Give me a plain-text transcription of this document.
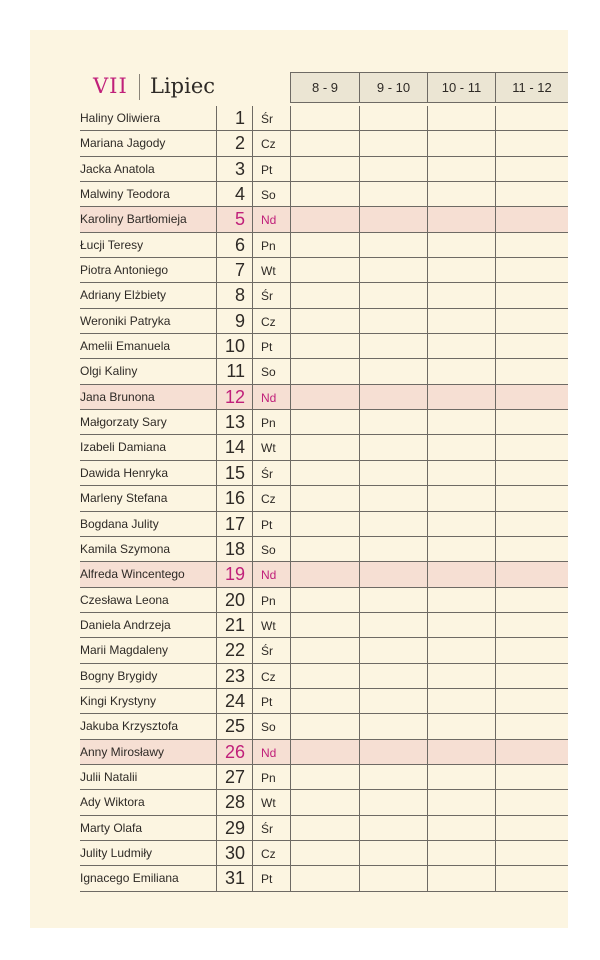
VII Lipiec	8 - 9	9 - 10	10 - 11	11 - 12
Haliny Oliwiera	1	Śr
Mariana Jagody	2	Cz
Jacka Anatola	3	Pt
Malwiny Teodora	4	So
Karoliny Bartłomieja	5	Nd
Łucji Teresy	6	Pn
Piotra Antoniego	7	Wt
Adriany Elżbiety	8	Śr
Weroniki Patryka	9	Cz
Amelii Emanuela	10	Pt
Olgi Kaliny	11	So
Jana Brunona	12	Nd
Małgorzaty Sary	13	Pn
Izabeli Damiana	14	Wt
Dawida Henryka	15	Śr
Marleny Stefana	16	Cz
Bogdana Julity	17	Pt
Kamila Szymona	18	So
Alfreda Wincentego	19	Nd
Czesława Leona	20	Pn
Daniela Andrzeja	21	Wt
Marii Magdaleny	22	Śr
Bogny Brygidy	23	Cz
Kingi Krystyny	24	Pt
Jakuba Krzysztofa	25	So
Anny Mirosławy	26	Nd
Julii Natalii	27	Pn
Ady Wiktora	28	Wt
Marty Olafa	29	Śr
Julity Ludmiły	30	Cz
Ignacego Emiliana	31	Pt
